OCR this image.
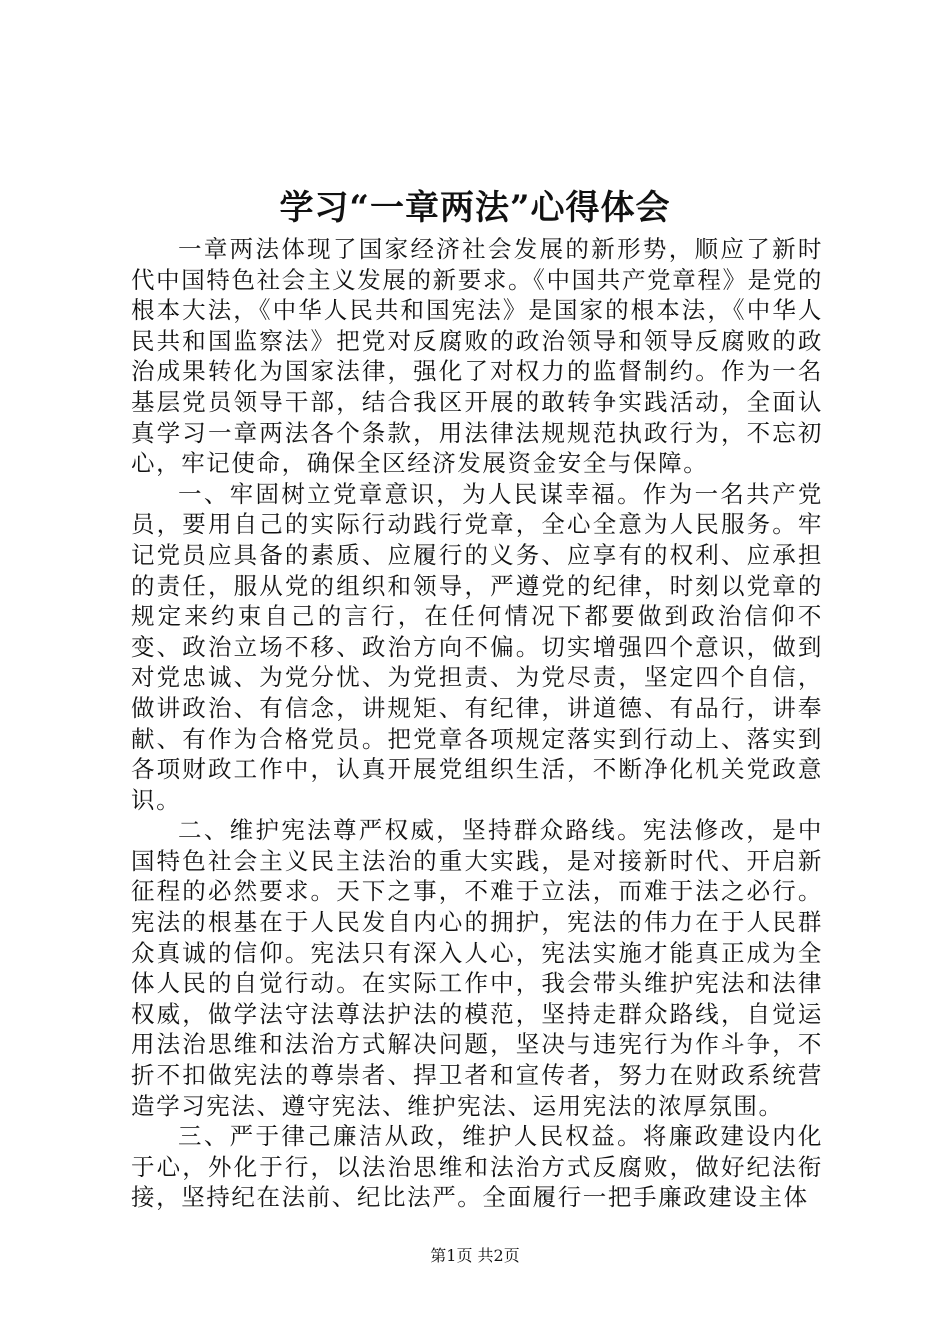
学习“一章两法”心得体会

一章两法体现了国家经济社会发展的新形势，顺应了新时代中国特色社会主义发展的新要求。《中国共产党章程》是党的根本大法，《中华人民共和国宪法》是国家的根本法，《中华人民共和国监察法》把党对反腐败的政治领导和领导反腐败的政治成果转化为国家法律，强化了对权力的监督制约。作为一名基层党员领导干部，结合我区开展的敢转争实践活动，全面认真学习一章两法各个条款，用法律法规规范执政行为，不忘初心，牢记使命，确保全区经济发展资金安全与保障。

一、牢固树立党章意识，为人民谋幸福。作为一名共产党员，要用自己的实际行动践行党章，全心全意为人民服务。牢记党员应具备的素质、应履行的义务、应享有的权利、应承担的责任，服从党的组织和领导，严遵党的纪律，时刻以党章的规定来约束自己的言行，在任何情况下都要做到政治信仰不变、政治立场不移、政治方向不偏。切实增强四个意识，做到对党忠诚、为党分忧、为党担责、为党尽责，坚定四个自信，做讲政治、有信念，讲规矩、有纪律，讲道德、有品行，讲奉献、有作为合格党员。把党章各项规定落实到行动上、落实到各项财政工作中，认真开展党组织生活，不断净化机关党政意识。

二、维护宪法尊严权威，坚持群众路线。宪法修改，是中国特色社会主义民主法治的重大实践，是对接新时代、开启新征程的必然要求。天下之事，不难于立法，而难于法之必行。宪法的根基在于人民发自内心的拥护，宪法的伟力在于人民群众真诚的信仰。宪法只有深入人心，宪法实施才能真正成为全体人民的自觉行动。在实际工作中，我会带头维护宪法和法律权威，做学法守法尊法护法的模范，坚持走群众路线，自觉运用法治思维和法治方式解决问题，坚决与违宪行为作斗争，不折不扣做宪法的尊崇者、捍卫者和宣传者，努力在财政系统营造学习宪法、遵守宪法、维护宪法、运用宪法的浓厚氛围。

三、严于律己廉洁从政，维护人民权益。将廉政建设内化于心，外化于行，以法治思维和法治方式反腐败，做好纪法衔接，坚持纪在法前、纪比法严。全面履行一把手廉政建设主体

第1页 共2页
